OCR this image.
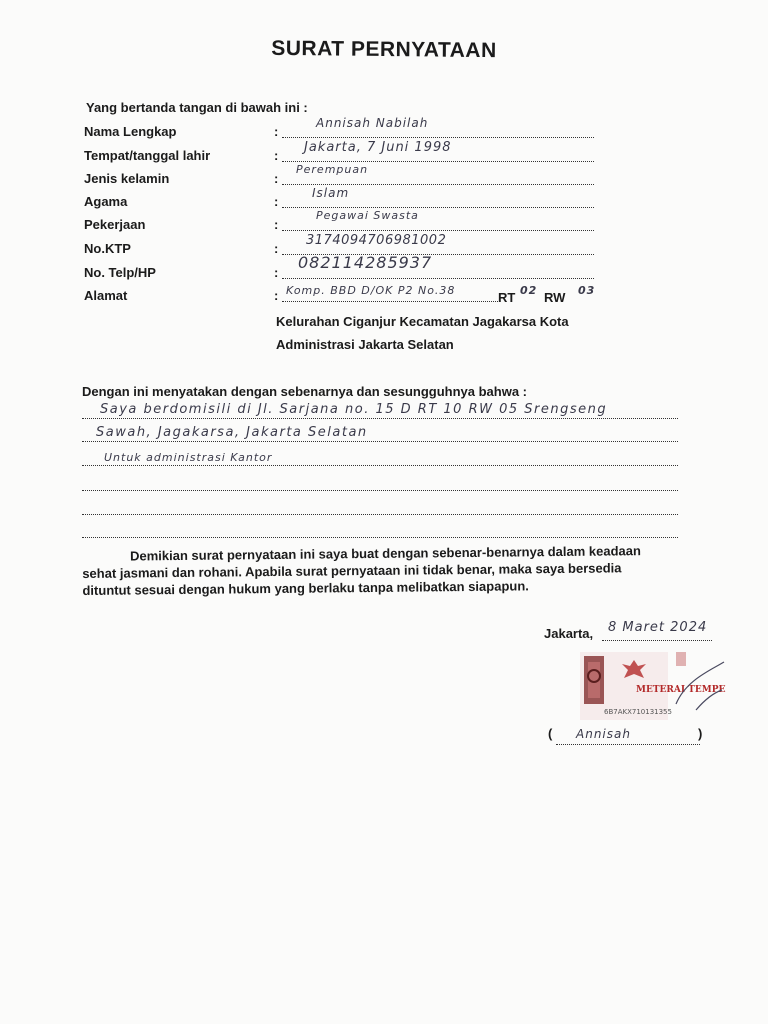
SURAT PERNYATAAN
Yang bertanda tangan di bawah ini :
Nama Lengkap	:
Annisah Nabilah
Tempat/tanggal lahir	:
Jakarta, 7 Juni 1998
Jenis kelamin	:
Perempuan
Agama	:
Islam
Pekerjaan	:
Pegawai Swasta
No.KTP	:
3174094706981002
No. Telp/HP	:
082114285937
Alamat	: Komp. BBD D/OK P2 No.38	RT 02 RW 03
Kelurahan Ciganjur Kecamatan Jagakarsa Kota
Administrasi Jakarta Selatan
Dengan ini menyatakan dengan sebenarnya dan sesungguhnya bahwa :
Saya berdomisili di Jl. Sarjana no. 15 D RT 10 RW 05 Srengseng
Sawah, Jagakarsa, Jakarta Selatan
Untuk administrasi Kantor

Demikian surat pernyataan ini saya buat dengan sebenar-benarnya dalam keadaan

sehat jasmani dan rohani. Apabila surat pernyataan ini tidak benar, maka saya bersedia

dituntut sesuai dengan hukum yang berlaku tanpa melibatkan siapapun.

Jakarta, 8 Maret 2024
METERAI TEMPEL
6B7AKX710131355
( Annisah	)
